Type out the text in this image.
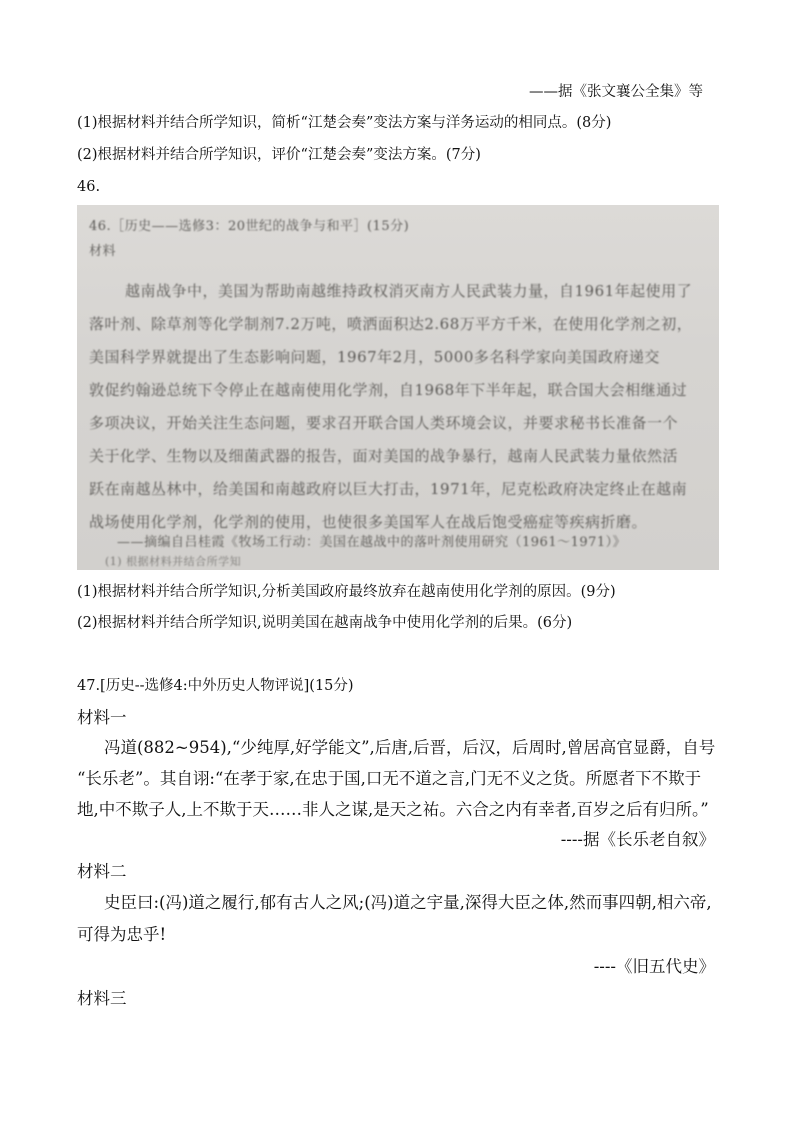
——据《张文襄公全集》等
(1)根据材料并结合所学知识，简析“江楚会奏”变法方案与洋务运动的相同点。(8分)
(2)根据材料并结合所学知识，评价“江楚会奏”变法方案。(7分)
46.
46.［历史——选修3：20世纪的战争与和平］(15分)
材料
越南战争中，美国为帮助南越维持政权消灭南方人民武装力量，自1961年起使用了
落叶剂、除草剂等化学制剂7.2万吨，喷洒面积达2.68万平方千米，在使用化学剂之初，
美国科学界就提出了生态影响问题，1967年2月，5000多名科学家向美国政府递交
敦促约翰逊总统下令停止在越南使用化学剂，自1968年下半年起，联合国大会相继通过
多项决议，开始关注生态问题，要求召开联合国人类环境会议，并要求秘书长准备一个
关于化学、生物以及细菌武器的报告，面对美国的战争暴行，越南人民武装力量依然活
跃在南越丛林中，给美国和南越政府以巨大打击，1971年，尼克松政府决定终止在越南
战场使用化学剂，化学剂的使用，也使很多美国军人在战后饱受癌症等疾病折磨。
——摘编自吕桂霞《牧场工行动：美国在越战中的落叶剂使用研究（1961～1971）》
(1) 根据材料并结合所学知
(1)根据材料并结合所学知识,分析美国政府最终放弃在越南使用化学剂的原因。(9分)
(2)根据材料并结合所学知识,说明美国在越南战争中使用化学剂的后果。(6分)
47.[历史--选修4:中外历史人物评说](15分)
材料一
冯道(882~954),“少纯厚,好学能文”,后唐,后晋，后汉，后周时,曾居高官显爵，自号
“长乐老”。其自诩:“在孝于家,在忠于国,口无不道之言,门无不义之货。所愿者下不欺于
地,中不欺子人,上不欺于天……非人之谋,是天之祐。六合之内有幸者,百岁之后有归所。”
----据《长乐老自叙》
材料二
史臣曰:(冯)道之履行,郁有古人之风;(冯)道之宇量,深得大臣之体,然而事四朝,相六帝,
可得为忠乎!
----《旧五代史》
材料三
